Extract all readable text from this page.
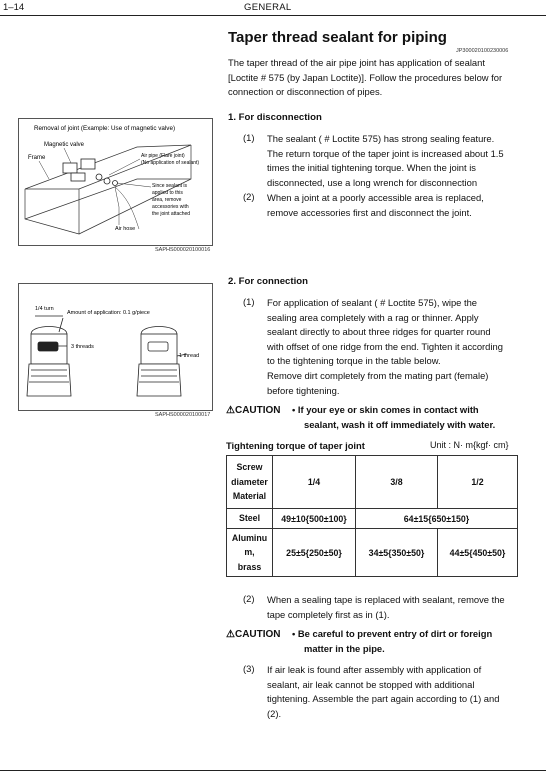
1–14	GENERAL
Taper thread sealant for piping
JP300020100230006
The taper thread of the air pipe joint has application of sealant
[Loctite # 575 (by Japan Loctite)]. Follow the procedures below for
connection or disconnection of pipes.
1. For disconnection
(1) The sealant ( # Loctite 575) has strong sealing feature.
The return torque of the taper joint is increased about 1.5
times the initial tightening torque. When the joint is
disconnected, use a long wrench for disconnection
(2) When a joint at a poorly accessible area is replaced,
remove accessories first and disconnect the joint.
Removal of joint (Example: Use of magnetic valve)
Magnetic valve
Frame	Air pipe (Flare joint)
(No application of sealant)
Since sealant is
applied to this
area, remove
accessories with
the joint attached
Air hose
SAPHS000020100016
2. For connection
(1) For application of sealant ( # Loctite 575), wipe the
sealing area completely with a rag or thinner. Apply
sealant directly to about three ridges for quarter round
with offset of one ridge from the end. Tighten it according
to the tightening torque in the table below.
Remove dirt completely from the mating part (female)
before tightening.
1/4 turn
Amount of application: 0.1 g/piece
3 threads
1 thread
SAPHS000020100017 ⚠CAUTION • If your eye or skin comes in contact with
sealant, wash it off immediately with water.
Tightening torque of taper joint	Unit : N· m{kgf· cm}
Screw
diameter
Material	1/4	3/8	1/2

Steel	49±10{500±100}	64±15{650±150}	

Aluminu
m,
brass	25±5{250±50}	34±5{350±50}	44±5{450±50}
(2) When a sealing tape is replaced with sealant, remove the
tape completely first as in (1).
⚠CAUTION • Be careful to prevent entry of dirt or foreign
matter in the pipe.
(3) If air leak is found after assembly with application of
sealant, air leak cannot be stopped with additional
tightening. Assemble the part again according to (1) and
(2).
